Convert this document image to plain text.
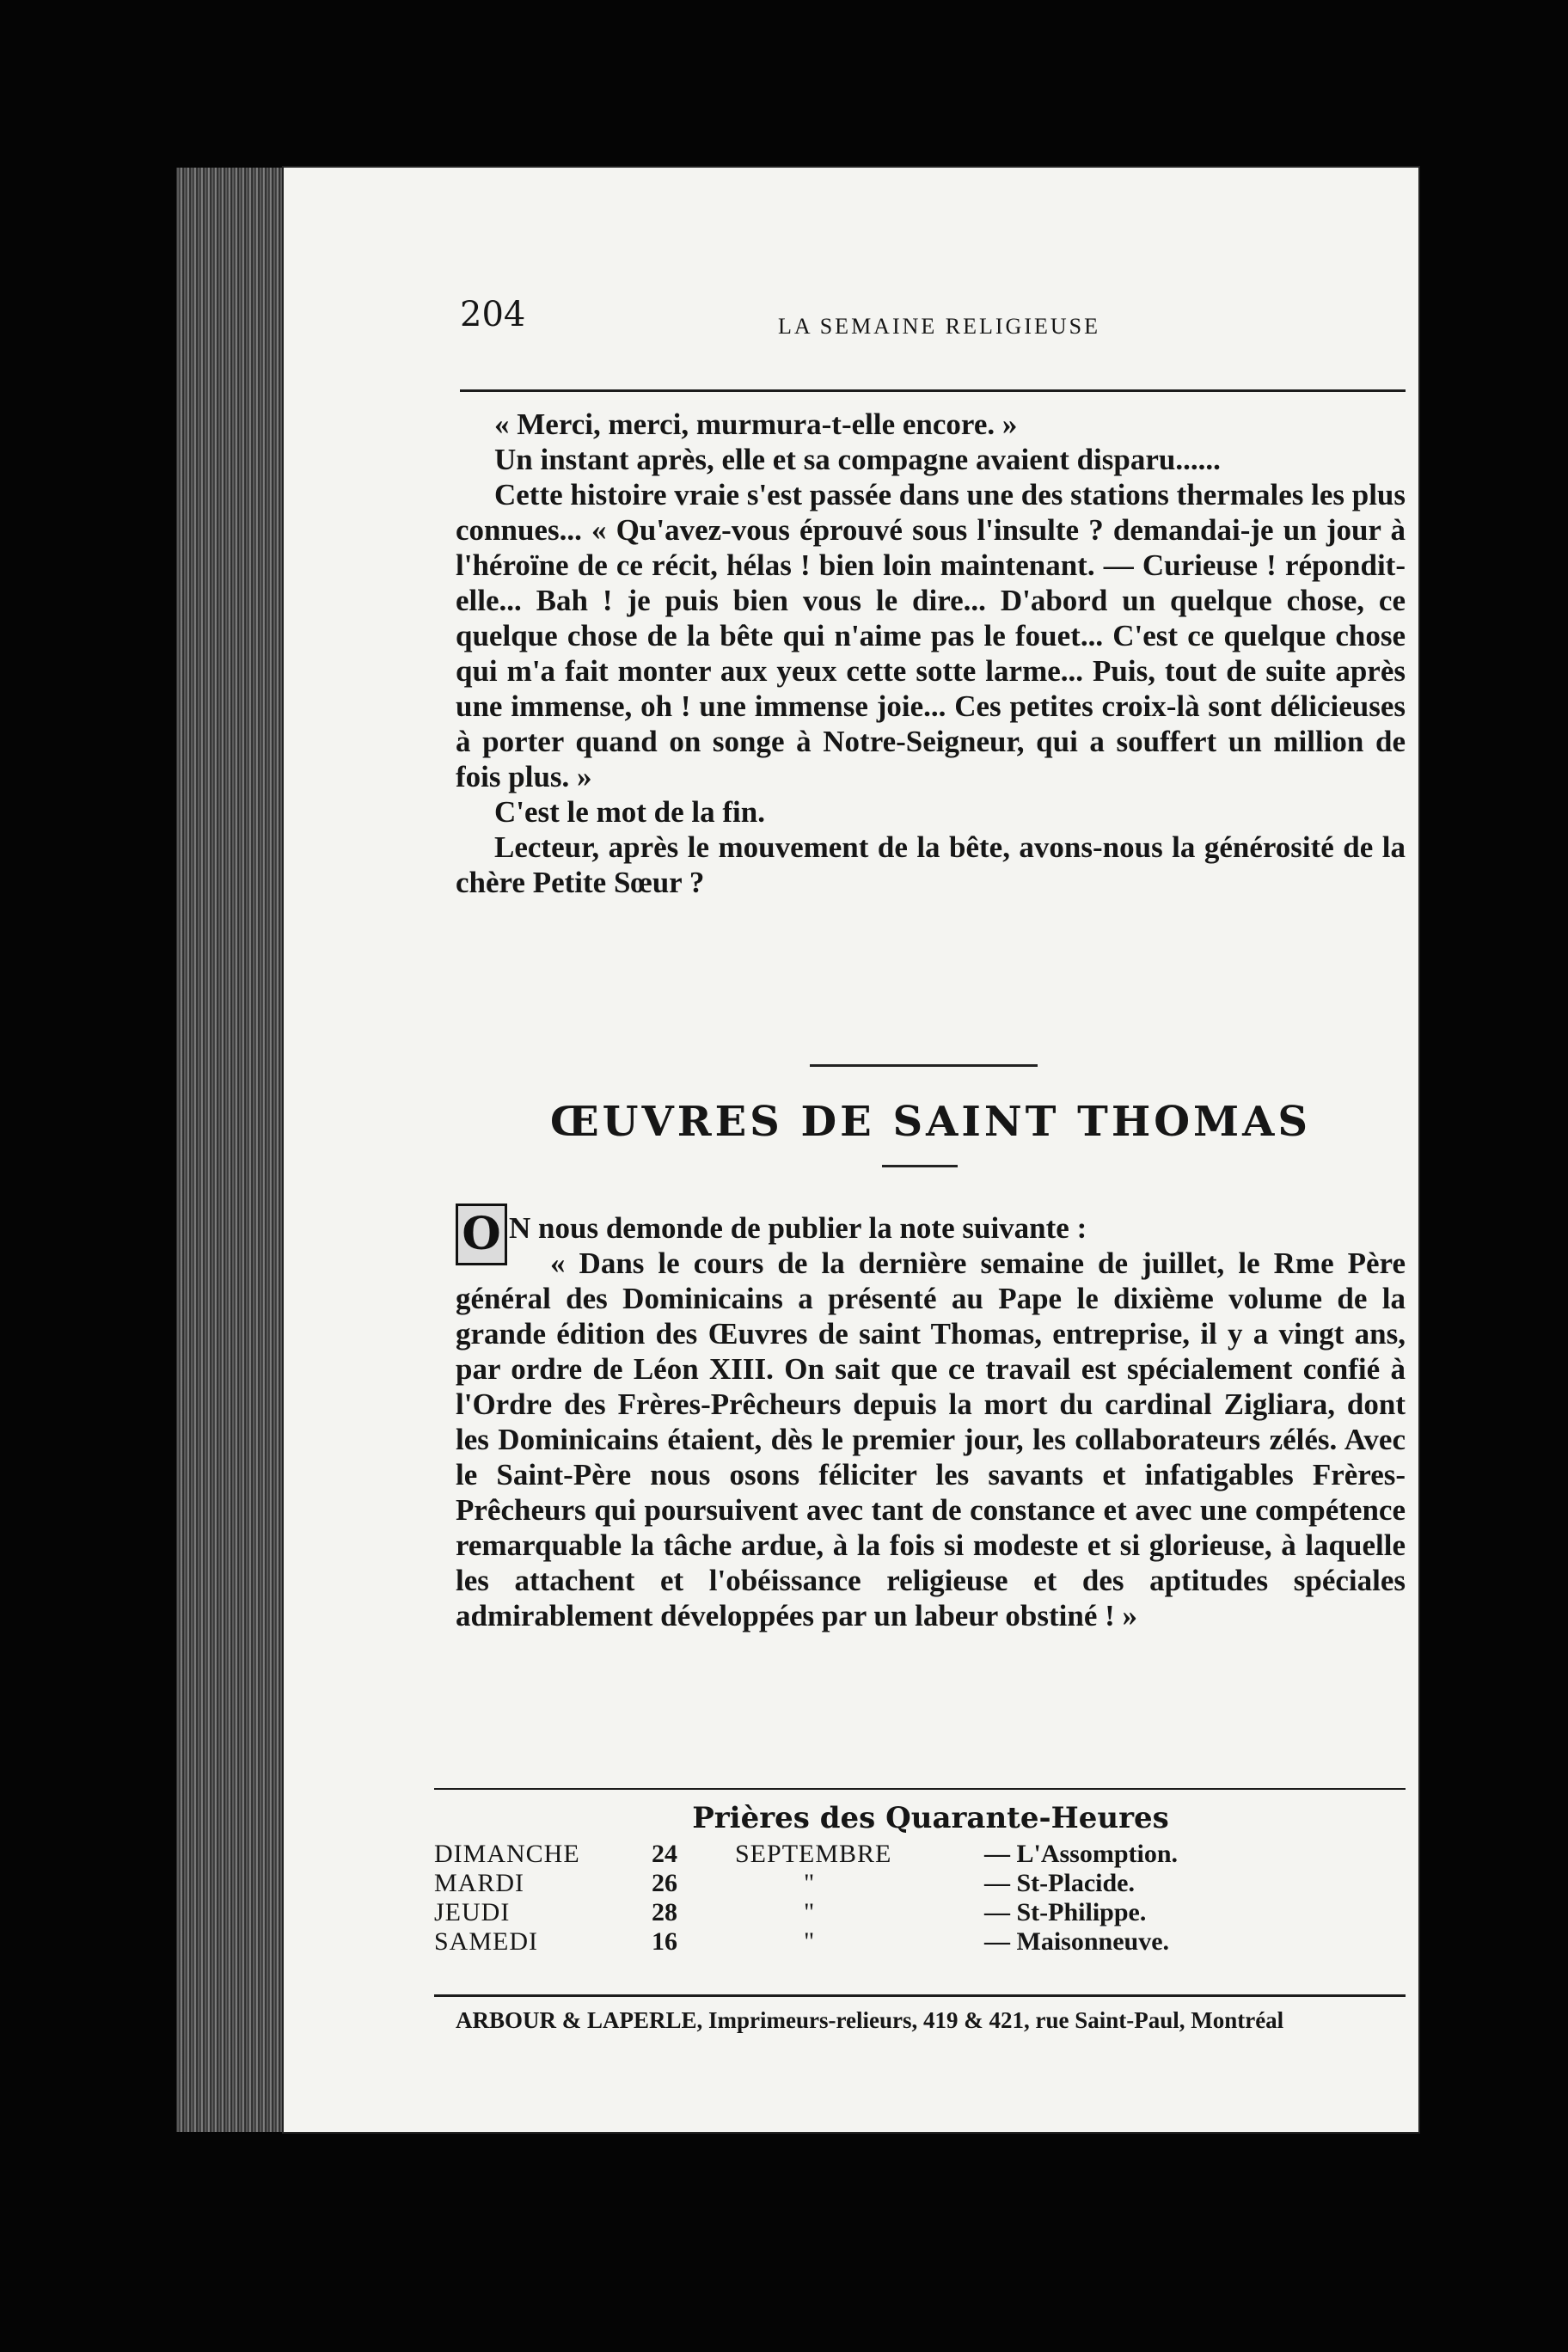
204	LA SEMAINE RELIGIEUSE

« Merci, merci, murmura-t-elle encore. »

Un instant après, elle et sa compagne avaient disparu......

Cette histoire vraie s'est passée dans une des stations thermales les plus connues... « Qu'avez-vous éprouvé sous l'insulte ? demandai-je un jour à l'héroïne de ce récit, hélas ! bien loin maintenant. — Curieuse ! répondit-elle... Bah ! je puis bien vous le dire... D'abord un quelque chose, ce quelque chose de la bête qui n'aime pas le fouet... C'est ce quelque chose qui m'a fait monter aux yeux cette sotte larme... Puis, tout de suite après une immense, oh ! une immense joie... Ces petites croix-là sont délicieuses à porter quand on songe à Notre-Seigneur, qui a souffert un million de fois plus. »

C'est le mot de la fin.

Lecteur, après le mouvement de la bête, avons-nous la générosité de la chère Petite Sœur ?

ŒUVRES DE SAINT THOMAS
O N nous demonde de publier la note suivante :

« Dans le cours de la dernière semaine de juillet, le Rme Père général des Dominicains a présenté au Pape le dixième volume de la grande édition des Œuvres de saint Thomas, entreprise, il y a vingt ans, par ordre de Léon XIII. On sait que ce travail est spécialement confié à l'Ordre des Frères-Prêcheurs depuis la mort du cardinal Zigliara, dont les Dominicains étaient, dès le premier jour, les collaborateurs zélés. Avec le Saint-Père nous osons féliciter les savants et infatigables Frères-Prêcheurs qui poursuivent avec tant de constance et avec une compétence remarquable la tâche ardue, à la fois si modeste et si glorieuse, à laquelle les attachent et l'obéissance religieuse et des aptitudes spéciales admirablement développées par un labeur obstiné ! »

Prières des Quarante-Heures
DIMANCHE	24 SEPTEMBRE	— L'Assomption.
MARDI	26	"	— St-Placide.
JEUDI	28	"	— St-Philippe.
SAMEDI	16	"	— Maisonneuve.
ARBOUR & LAPERLE, Imprimeurs-relieurs, 419 & 421, rue Saint-Paul, Montréal
